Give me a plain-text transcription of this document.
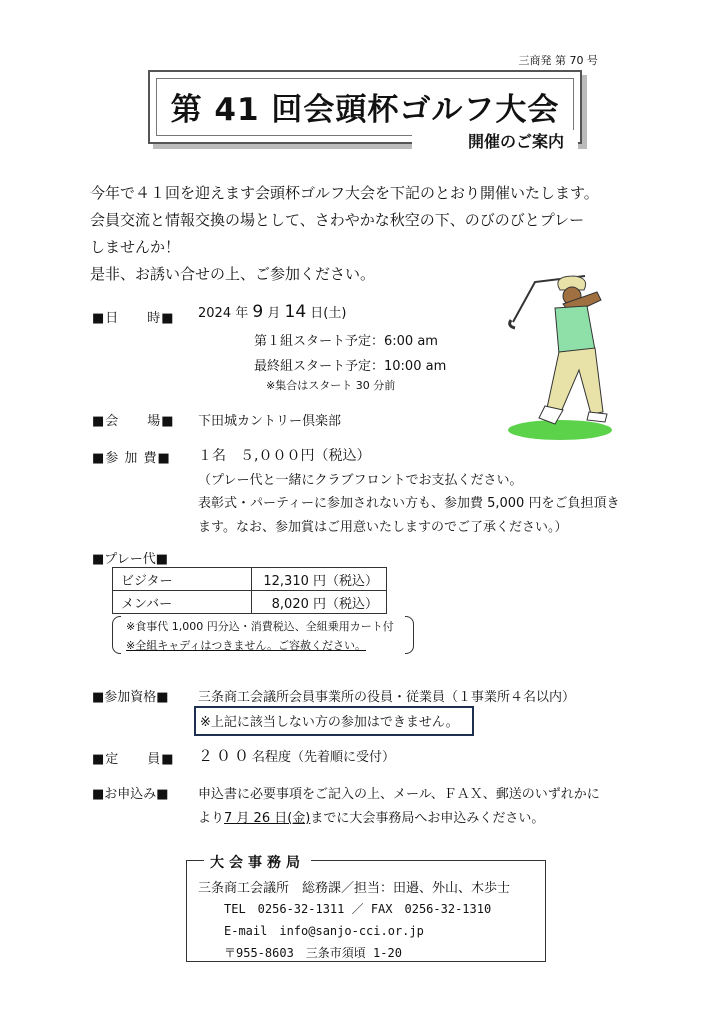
三商発 第 70 号
第 41 回会頭杯ゴルフ大会
開催のご案内
今年で４１回を迎えます会頭杯ゴルフ大会を下記のとおり開催いたします。
会員交流と情報交換の場として、さわやかな秋空の下、のびのびとプレー
しませんか！
是非、お誘い合せの上、ご参加ください。
■日　　時■ 2024 年 9 月 14 日(土)
第１組スタート予定：6:00 am
最終組スタート予定：10:00 am
※集合はスタート 30 分前
■会　　場■ 下田城カントリー倶楽部
■参 加 費■ １名　５,０００円（税込）
（プレー代と一緒にクラブフロントでお支払ください。
表彰式・パーティーに参加されない方も、参加費 5,000 円をご負担頂き
ます。なお、参加賞はご用意いたしますのでご了承ください。）
■プレー代■
ビジター	12,310 円（税込）
メンバー	8,020 円（税込）
※食事代 1,000 円分込・消費税込、全組乗用カート付
※全組キャディはつきません。ご容赦ください。
■参加資格■ 三条商工会議所会員事業所の役員・従業員（１事業所４名以内）
※上記に該当しない方の参加はできません。
■定　　員■ ２００名程度（先着順に受付）
■お申込み■ 申込書に必要事項をご記入の上、メール、ＦＡＸ、郵送のいずれかに
より7 月 26 日(金)までに大会事務局へお申込みください。
大会事務局
三条商工会議所　総務課／担当：田邉、外山、木歩士
TEL　0256-32-1311 ／ FAX　0256-32-1310
E-mail　info@sanjo-cci.or.jp
〒955-8603　三条市須頃 1-20
